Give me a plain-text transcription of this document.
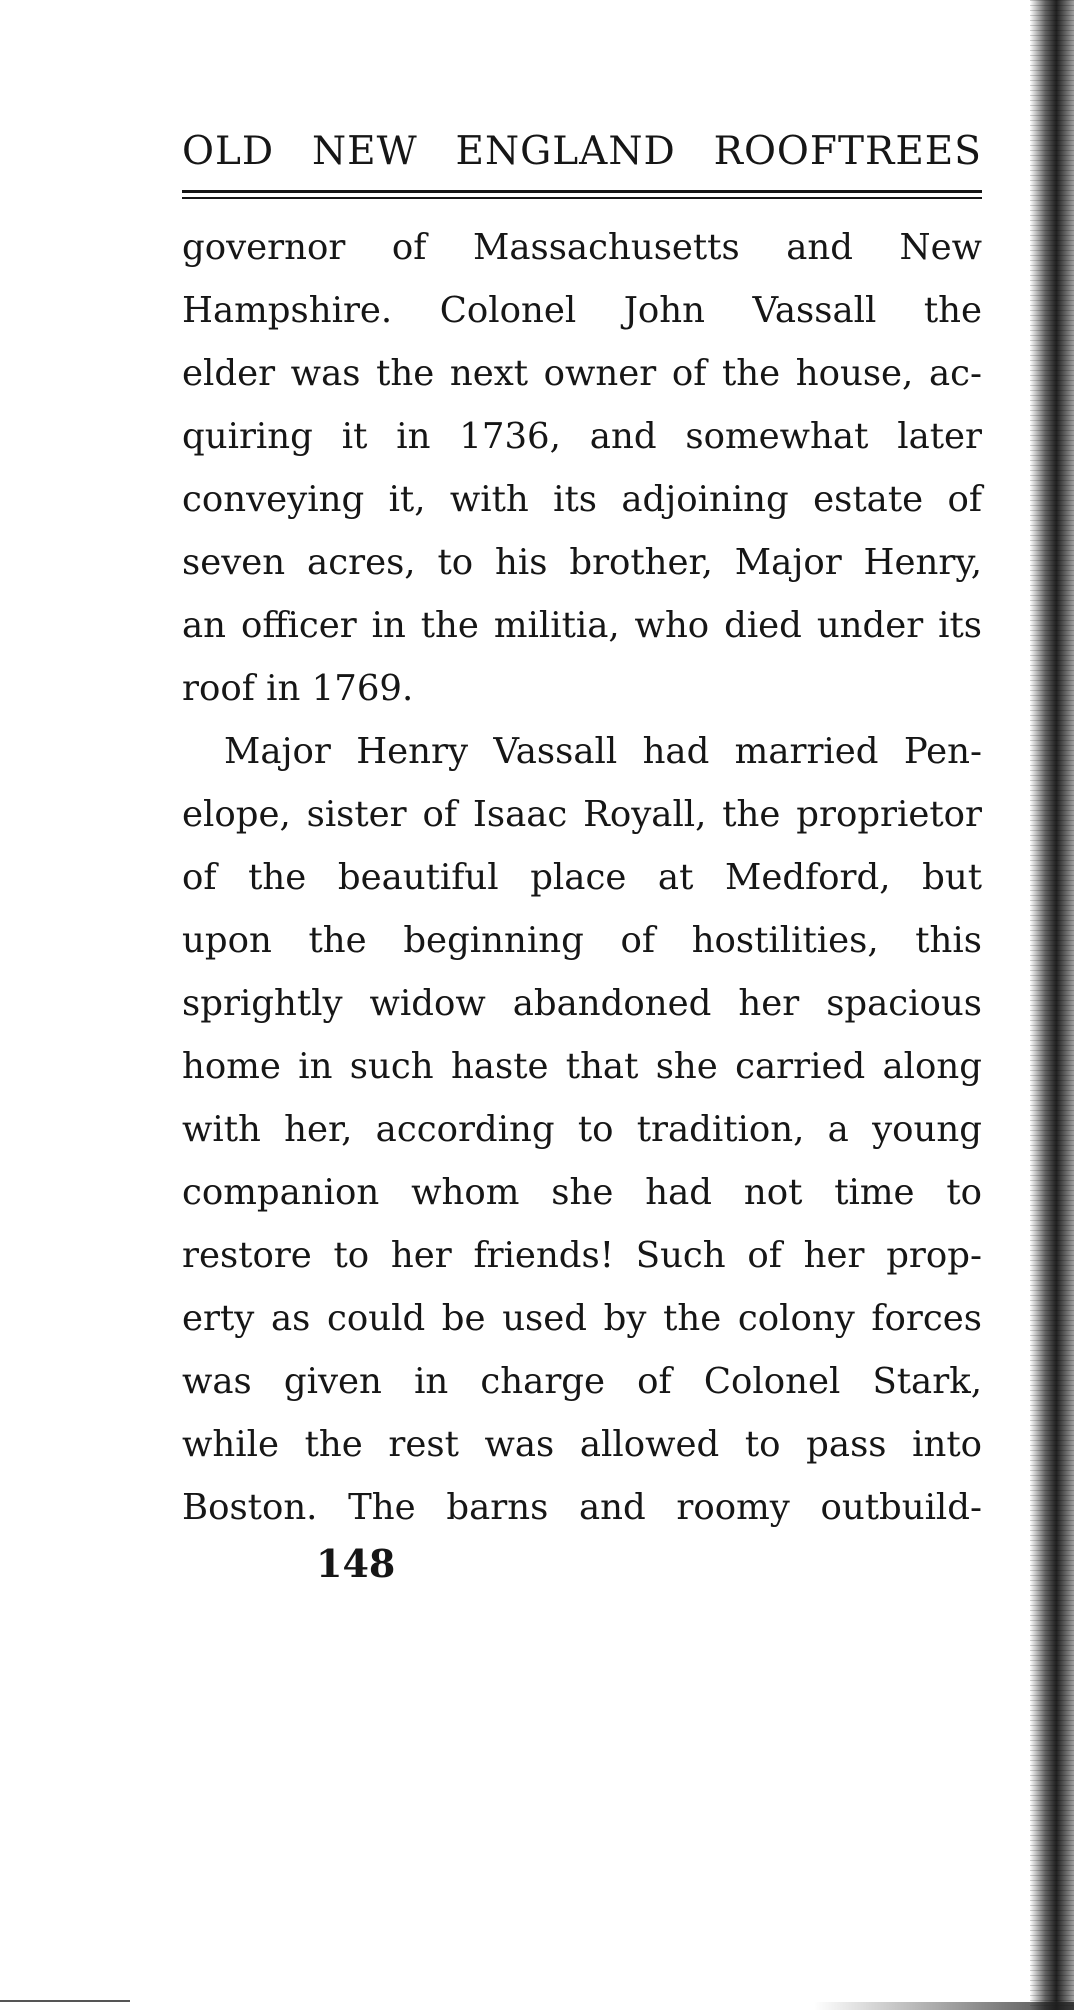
OLD NEW ENGLAND ROOFTREES
governor of Massachusetts and New
Hampshire. Colonel John Vassall the
elder was the next owner of the house, ac-
quiring it in 1736, and somewhat later
conveying it, with its adjoining estate of
seven acres, to his brother, Major Henry,
an officer in the militia, who died under its
roof in 1769.
Major Henry Vassall had married Pen-
elope, sister of Isaac Royall, the proprietor
of the beautiful place at Medford, but
upon the beginning of hostilities, this
sprightly widow abandoned her spacious
home in such haste that she carried along
with her, according to tradition, a young
companion whom she had not time to
restore to her friends! Such of her prop-
erty as could be used by the colony forces
was given in charge of Colonel Stark,
while the rest was allowed to pass into
Boston. The barns and roomy outbuild-
148
